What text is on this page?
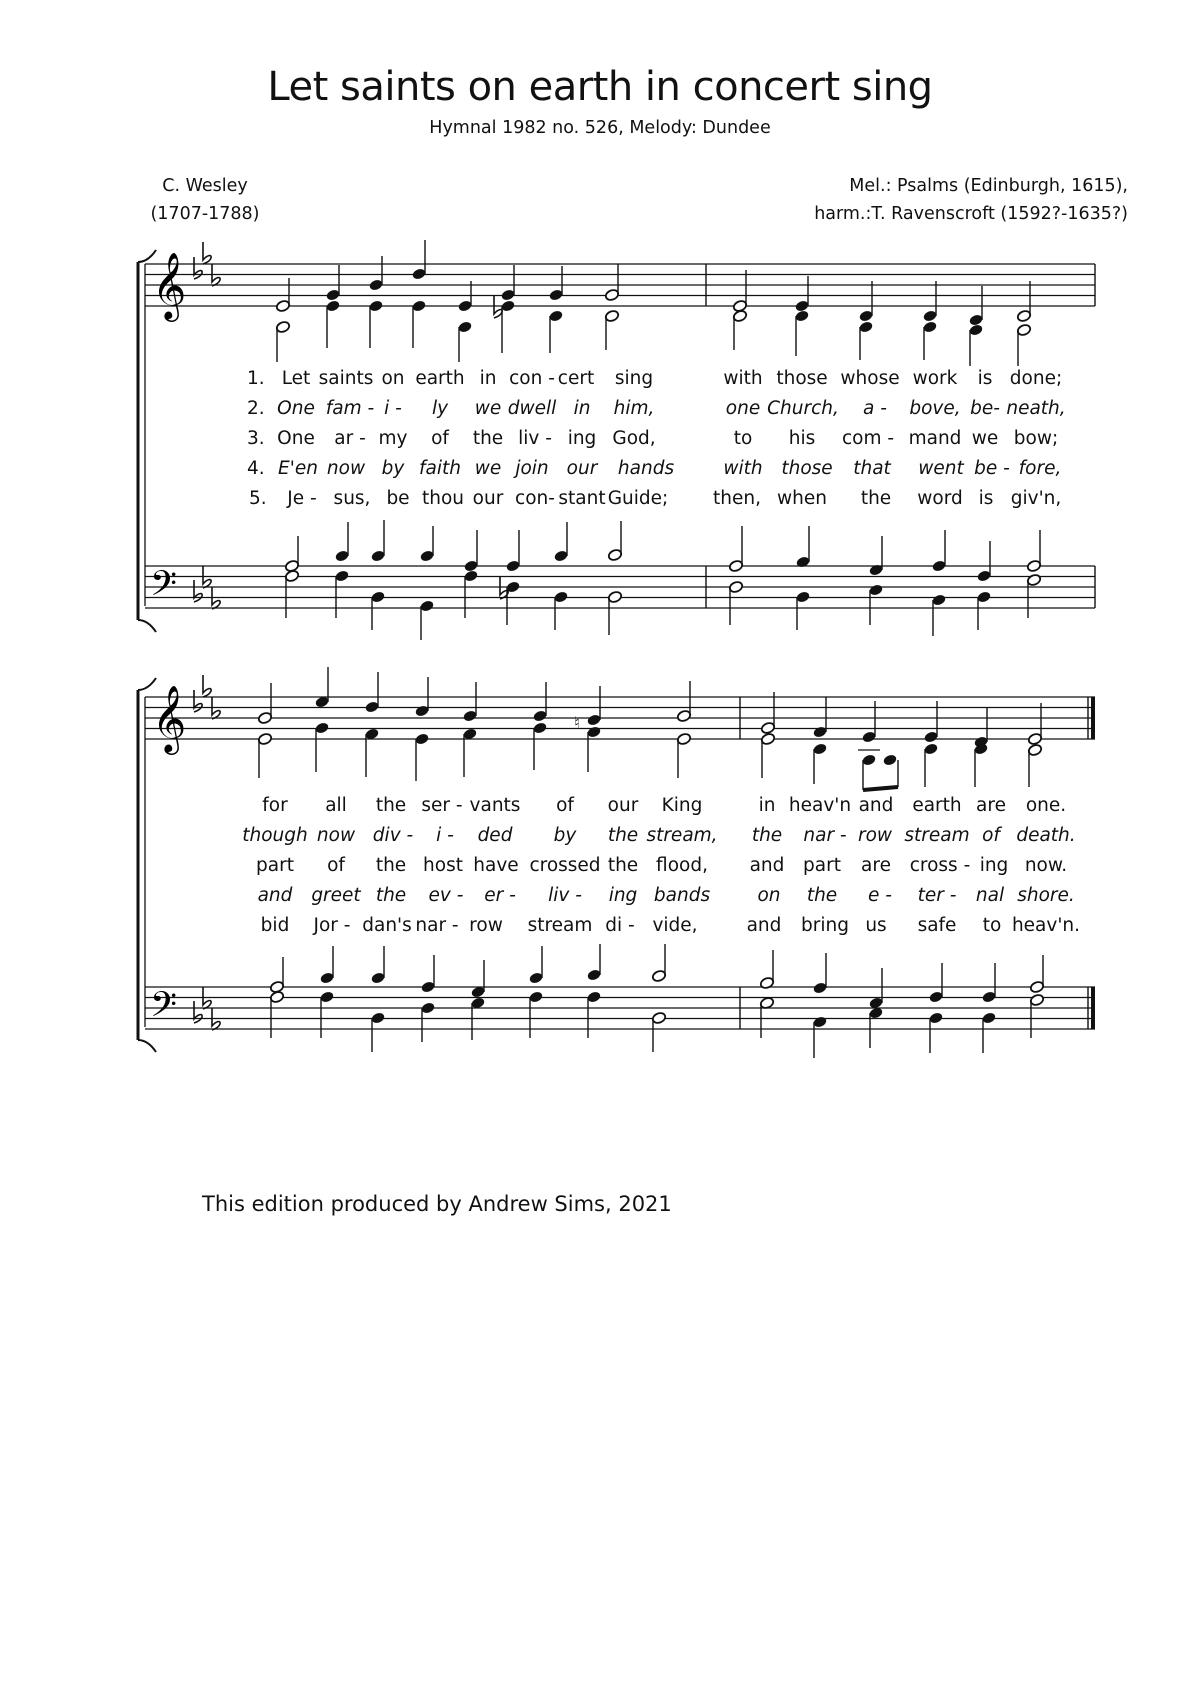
Let saints on earth in concert sing
Hymnal 1982 no. 526, Melody: Dundee
C. Wesley
(1707-1788)
Mel.: Psalms (Edinburgh, 1615),
harm.:T. Ravenscroft (1592?-1635?)
𝄞
𝄢
𝄞	♮
𝄢
1. Let saints on earth in con - cert sing	with those whose work is done;
2. One fam - i - ly we dwell in him,	one Church, a - bove, be- neath,
3. One ar - my of the liv - ing God,	to his com - mand we bow;
4. E'en now by faith we join our hands	with those that went be - fore,
5. Je - sus, be thou our con- stant Guide; then, when the word is giv'n,
for all the ser - vants of our King	in heav'n and earth are one.
though now div - i - ded by the stream, the nar - row stream of death.
part of the host have crossed the flood, and part are cross - ing now.
and greet the ev - er - liv - ing bands	on the e - ter - nal shore.
bid Jor - dan's nar - row stream di - vide,	and bring us safe to heav'n.
This edition produced by Andrew Sims, 2021
